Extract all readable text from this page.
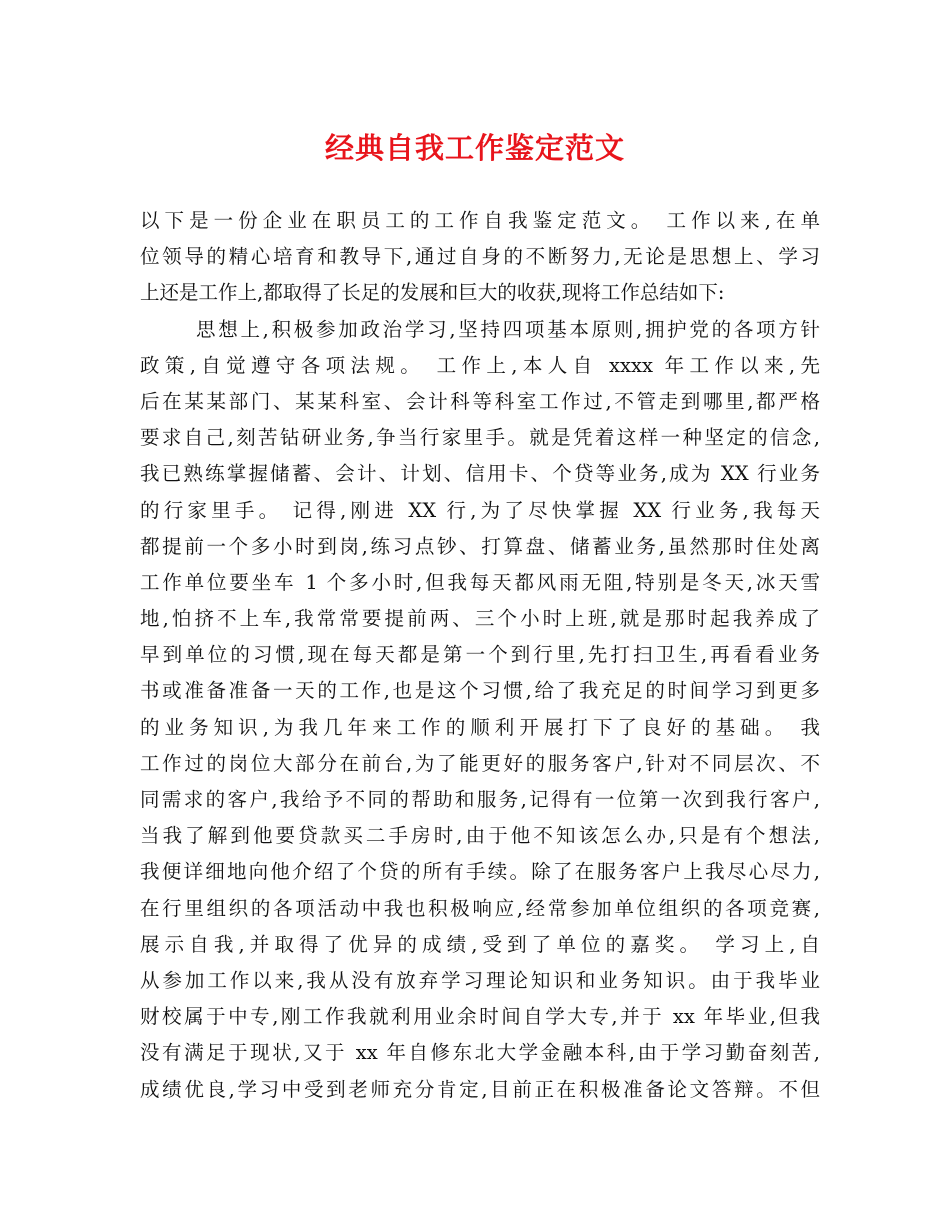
经典自我工作鉴定范文
以下是一份企业在职员工的工作自我鉴定范文。 工作以来,在单
位领导的精心培育和教导下,通过自身的不断努力,无论是思想上、学习
上还是工作上,都取得了长足的发展和巨大的收获,现将工作总结如下:
思想上,积极参加政治学习,坚持四项基本原则,拥护党的各项方针
政策,自觉遵守各项法规。 工作上,本人自 xxxx 年工作以来,先
后在某某部门、某某科室、会计科等科室工作过,不管走到哪里,都严格
要求自己,刻苦钻研业务,争当行家里手。就是凭着这样一种坚定的信念,
我已熟练掌握储蓄、会计、计划、信用卡、个贷等业务,成为 XX 行业务
的行家里手。 记得,刚进 XX 行,为了尽快掌握 XX 行业务,我每天
都提前一个多小时到岗,练习点钞、打算盘、储蓄业务,虽然那时住处离
工作单位要坐车 1 个多小时,但我每天都风雨无阻,特别是冬天,冰天雪
地,怕挤不上车,我常常要提前两、三个小时上班,就是那时起我养成了
早到单位的习惯,现在每天都是第一个到行里,先打扫卫生,再看看业务
书或准备准备一天的工作,也是这个习惯,给了我充足的时间学习到更多
的业务知识,为我几年来工作的顺利开展打下了良好的基础。 我
工作过的岗位大部分在前台,为了能更好的服务客户,针对不同层次、不
同需求的客户,我给予不同的帮助和服务,记得有一位第一次到我行客户,
当我了解到他要贷款买二手房时,由于他不知该怎么办,只是有个想法,
我便详细地向他介绍了个贷的所有手续。除了在服务客户上我尽心尽力,
在行里组织的各项活动中我也积极响应,经常参加单位组织的各项竞赛,
展示自我,并取得了优异的成绩,受到了单位的嘉奖。 学习上,自
从参加工作以来,我从没有放弃学习理论知识和业务知识。由于我毕业
财校属于中专,刚工作我就利用业余时间自学大专,并于 xx 年毕业,但我
没有满足于现状,又于 xx 年自修东北大学金融本科,由于学习勤奋刻苦,
成绩优良,学习中受到老师充分肯定,目前正在积极准备论文答辩。不但
